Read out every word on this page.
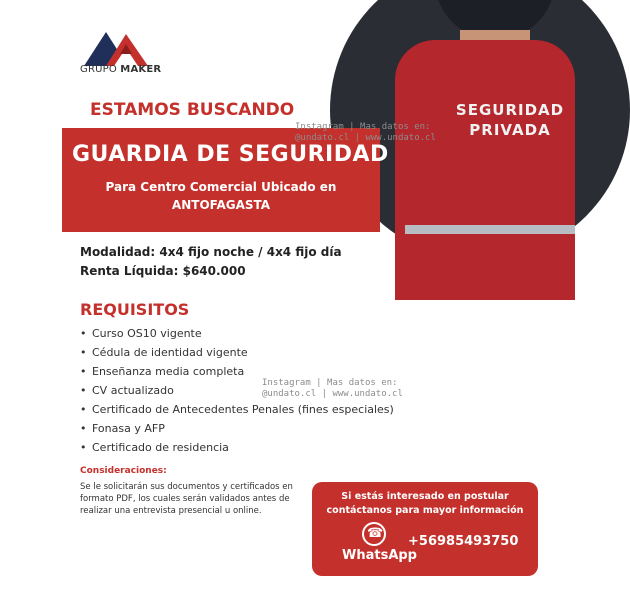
SEGURIDAD
PRIVADA
GRUPO MAKER
ESTAMOS BUSCANDO
GUARDIA DE SEGURIDAD
Para Centro Comercial Ubicado en
ANTOFAGASTA
Modalidad: 4x4 fijo noche / 4x4 fijo día
Renta Líquida: $640.000
REQUISITOS
• Curso OS10 vigente
• Cédula de identidad vigente
• Enseñanza media completa
• CV actualizado
• Certificado de Antecedentes Penales (fines especiales)
• Fonasa y AFP
• Certificado de residencia
Consideraciones:
Se le solicitarán sus documentos y certificados en formato PDF, los cuales serán validados antes de realizar una entrevista presencial u online.
Si estás interesado en postular
contáctanos para mayor información
☎
WhatsApp
+56985493750
Instagram | Mas datos en:
@undato.cl | www.undato.cl
Instagram | Mas datos en:
@undato.cl | www.undato.cl
